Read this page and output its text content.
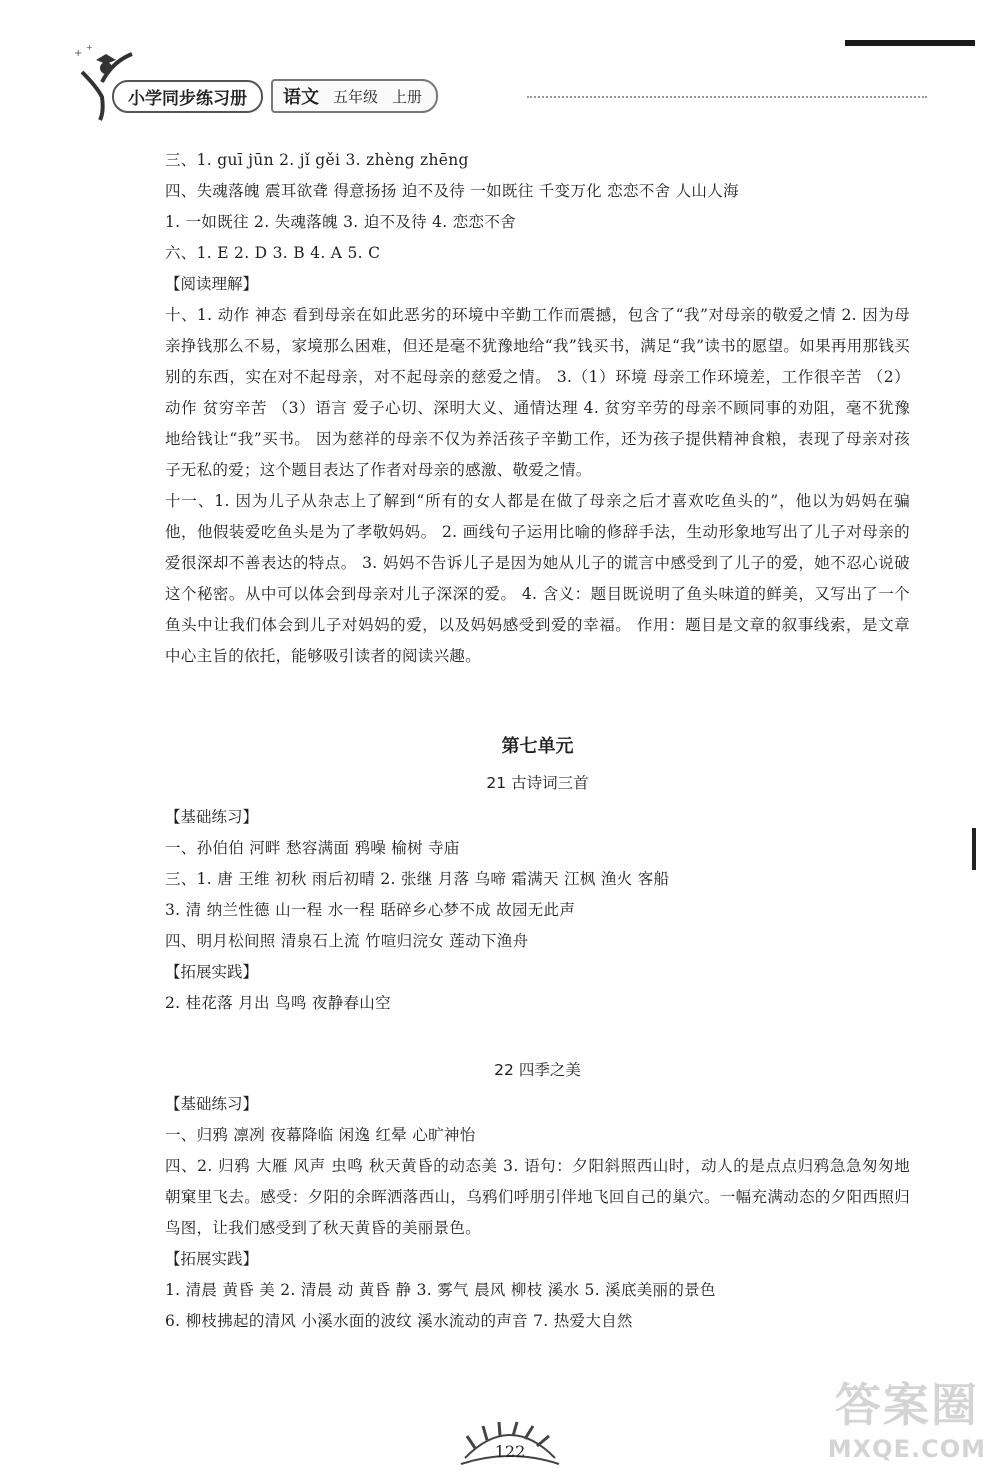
+
+
小学同步练习册	语文 五年级 上册
三、1. guī jūn 2. jǐ gěi 3. zhèng zhēng
四、失魂落魄 震耳欲聋 得意扬扬 迫不及待 一如既往 千变万化 恋恋不舍 人山人海
1. 一如既往 2. 失魂落魄 3. 迫不及待 4. 恋恋不舍
六、1. E 2. D 3. B 4. A 5. C
【阅读理解】
十、1. 动作 神态 看到母亲在如此恶劣的环境中辛勤工作而震撼，包含了“我”对母亲的敬爱之情 2. 因为母亲挣钱那么不易，家境那么困难，但还是毫不犹豫地给“我”钱买书，满足“我”读书的愿望。如果再用那钱买别的东西，实在对不起母亲，对不起母亲的慈爱之情。 3.（1）环境 母亲工作环境差，工作很辛苦 （2）动作 贫穷辛苦 （3）语言 爱子心切、深明大义、通情达理 4. 贫穷辛劳的母亲不顾同事的劝阻，毫不犹豫地给钱让“我”买书。 因为慈祥的母亲不仅为养活孩子辛勤工作，还为孩子提供精神食粮，表现了母亲对孩子无私的爱；这个题目表达了作者对母亲的感激、敬爱之情。
十一、1. 因为儿子从杂志上了解到“所有的女人都是在做了母亲之后才喜欢吃鱼头的”，他以为妈妈在骗他，他假装爱吃鱼头是为了孝敬妈妈。 2. 画线句子运用比喻的修辞手法，生动形象地写出了儿子对母亲的爱很深却不善表达的特点。 3. 妈妈不告诉儿子是因为她从儿子的谎言中感受到了儿子的爱，她不忍心说破这个秘密。从中可以体会到母亲对儿子深深的爱。 4. 含义：题目既说明了鱼头味道的鲜美，又写出了一个鱼头中让我们体会到儿子对妈妈的爱，以及妈妈感受到爱的幸福。 作用：题目是文章的叙事线索，是文章中心主旨的依托，能够吸引读者的阅读兴趣。
第七单元
21 古诗词三首
【基础练习】
一、孙伯伯 河畔 愁容满面 鸦噪 榆树 寺庙
三、1. 唐 王维 初秋 雨后初晴 2. 张继 月落 乌啼 霜满天 江枫 渔火 客船
3. 清 纳兰性德 山一程 水一程 聒碎乡心梦不成 故园无此声
四、明月松间照 清泉石上流 竹喧归浣女 莲动下渔舟
【拓展实践】
2. 桂花落 月出 鸟鸣 夜静春山空
22 四季之美
【基础练习】
一、归鸦 凛冽 夜幕降临 闲逸 红晕 心旷神怡
四、2. 归鸦 大雁 风声 虫鸣 秋天黄昏的动态美 3. 语句：夕阳斜照西山时，动人的是点点归鸦急急匆匆地朝窠里飞去。感受：夕阳的余晖洒落西山，乌鸦们呼朋引伴地飞回自己的巢穴。一幅充满动态的夕阳西照归鸟图，让我们感受到了秋天黄昏的美丽景色。
【拓展实践】
1. 清晨 黄昏 美 2. 清晨 动 黄昏 静 3. 雾气 晨风 柳枝 溪水 5. 溪底美丽的景色
6. 柳枝拂起的清风 小溪水面的波纹 溪水流动的声音 7. 热爱大自然
122
答案圈
MXQE.COM
